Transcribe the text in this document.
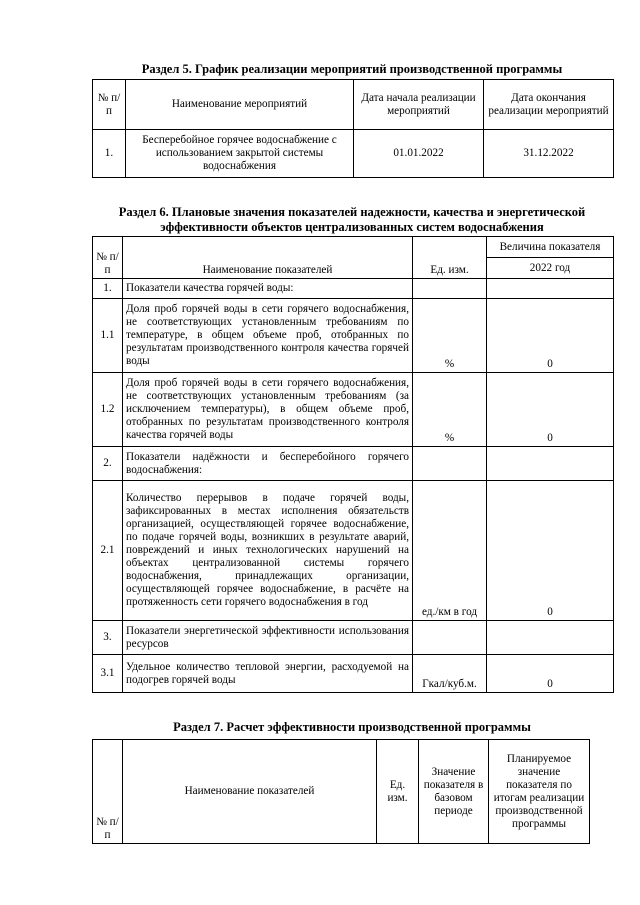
Раздел 5. График реализации мероприятий производственной программы
№ п/п	Наименование мероприятий	Дата начала реализации мероприятий	Дата окончания реализации мероприятий
1.	Бесперебойное горячее водоснабжение с использованием закрытой системы водоснабжения	01.01.2022	31.12.2022
Раздел 6. Плановые значения показателей надежности, качества и энергетической эффективности объектов централизованных систем водоснабжения
№ п/п	Наименование показателей	Ед. изм.	Величина показателя
			2022 год
1.	Показатели качества горячей воды:		
1.1	Доля проб горячей воды в сети горячего водоснабжения, не соответствующих установленным требованиям по температуре, в общем объеме проб, отобранных по результатам производственного контроля качества горячей воды	%	0
1.2	Доля проб горячей воды в сети горячего водоснабжения, не соответствующих установленным требованиям (за исключением температуры), в общем объеме проб, отобранных по результатам производственного контроля качества горячей воды	%	0
2.	Показатели надёжности и бесперебойного горячего водоснабжения:		
2.1	Количество перерывов в подаче горячей воды, зафиксированных в местах исполнения обязательств организацией, осуществляющей горячее водоснабжение, по подаче горячей воды, возникших в результате аварий, повреждений и иных технологических нарушений на объектах централизованной системы горячего водоснабжения, принадлежащих организации, осуществляющей горячее водоснабжение, в расчёте на протяженность сети горячего водоснабжения в год	ед./км в год	0
3.	Показатели энергетической эффективности использования ресурсов		
3.1	Удельное количество тепловой энергии, расходуемой на подогрев горячей воды	Гкал/куб.м.	0
Раздел 7. Расчет эффективности производственной программы
№ п/п	Наименование показателей	Ед. изм.	Значение показателя в базовом периоде	Планируемое значение показателя по итогам реализации производственной программы
